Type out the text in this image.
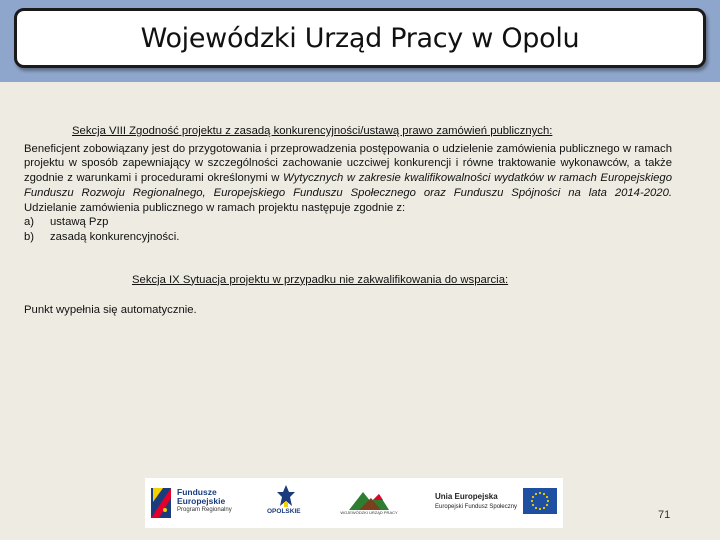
Wojewódzki Urząd Pracy w Opolu

Sekcja VIII Zgodność projektu z zasadą konkurencyjności/ustawą prawo zamówień publicznych:

Beneficjent zobowiązany jest do przygotowania i przeprowadzenia postępowania o udzielenie zamówienia publicznego w ramach projektu w sposób zapewniający w szczególności zachowanie uczciwej konkurencji i równe traktowanie wykonawców, a także zgodnie z warunkami i procedurami określonymi w Wytycznych w zakresie kwalifikowalności wydatków w ramach Europejskiego Funduszu Rozwoju Regionalnego, Europejskiego Funduszu Społecznego oraz Funduszu Spójności na lata 2014-2020. Udzielanie zamówienia publicznego w ramach projektu następuje zgodnie z:

a)	ustawą Pzp
b)	zasadą konkurencyjności.

Sekcja IX Sytuacja projektu w przypadku nie zakwalifikowania do wsparcia:

Punkt wypełnia się automatycznie.

Fundusze
Europejskie
Program Regionalny	OPOLSKIE	WOJEWÓDZKI URZĄD PRACY
Unia Europejska
Europejski Fundusz Społeczny
71
